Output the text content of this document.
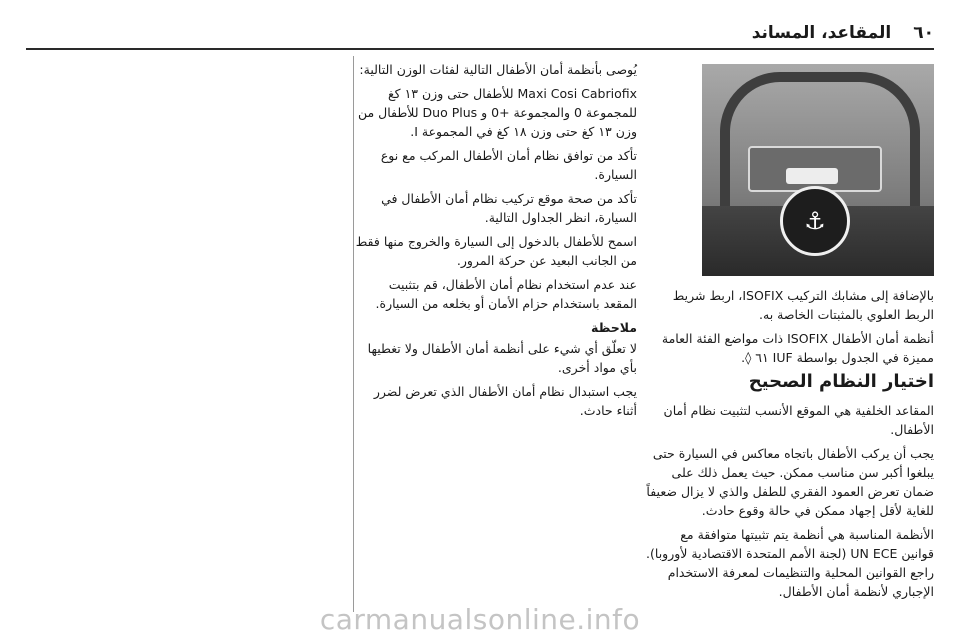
٦٠
المقاعد، المساند
⚓

بالإضافة إلى مشابك التركيب ISOFIX، اربط شريط الربط العلوي بالمثبتات الخاصة به.

أنظمة أمان الأطفال ISOFIX ذات مواضع الفئة العامة مميزة في الجدول بواسطة IUF ٦١ ◊.

اختيار النظام الصحيح

المقاعد الخلفية هي الموقع الأنسب لتثبيت نظام أمان الأطفال.

يجب أن يركب الأطفال باتجاه معاكس في السيارة حتى يبلغوا أكبر سن مناسب ممكن. حيث يعمل ذلك على ضمان تعرض العمود الفقري للطفل والذي لا يزال ضعيفاً للغاية لأقل إجهاد ممكن في حالة وقوع حادث.

الأنظمة المناسبة هي أنظمة يتم تثبيتها متوافقة مع قوانين UN ECE (لجنة الأمم المتحدة الاقتصادية لأوروبا). راجع القوانين المحلية والتنظيمات لمعرفة الاستخدام الإجباري لأنظمة أمان الأطفال.

يُوصى بأنظمة أمان الأطفال التالية لفئات الوزن التالية:

Maxi Cosi Cabriofix للأطفال حتى وزن ١٣ كغ للمجموعة 0 والمجموعة +0 و Duo Plus للأطفال من وزن ١٣ كغ حتى وزن ١٨ كغ في المجموعة I.

تأكد من توافق نظام أمان الأطفال المركب مع نوع السيارة.

تأكد من صحة موقع تركيب نظام أمان الأطفال في السيارة، انظر الجداول التالية.

اسمح للأطفال بالدخول إلى السيارة والخروج منها فقط من الجانب البعيد عن حركة المرور.

عند عدم استخدام نظام أمان الأطفال، قم بتثبيت المقعد باستخدام حزام الأمان أو بخلعه من السيارة.

ملاحظة

لا تعلّق أي شيء على أنظمة أمان الأطفال ولا تغطيها بأي مواد أخرى.

يجب استبدال نظام أمان الأطفال الذي تعرض لضرر أثناء حادث.

carmanualsonline.info
